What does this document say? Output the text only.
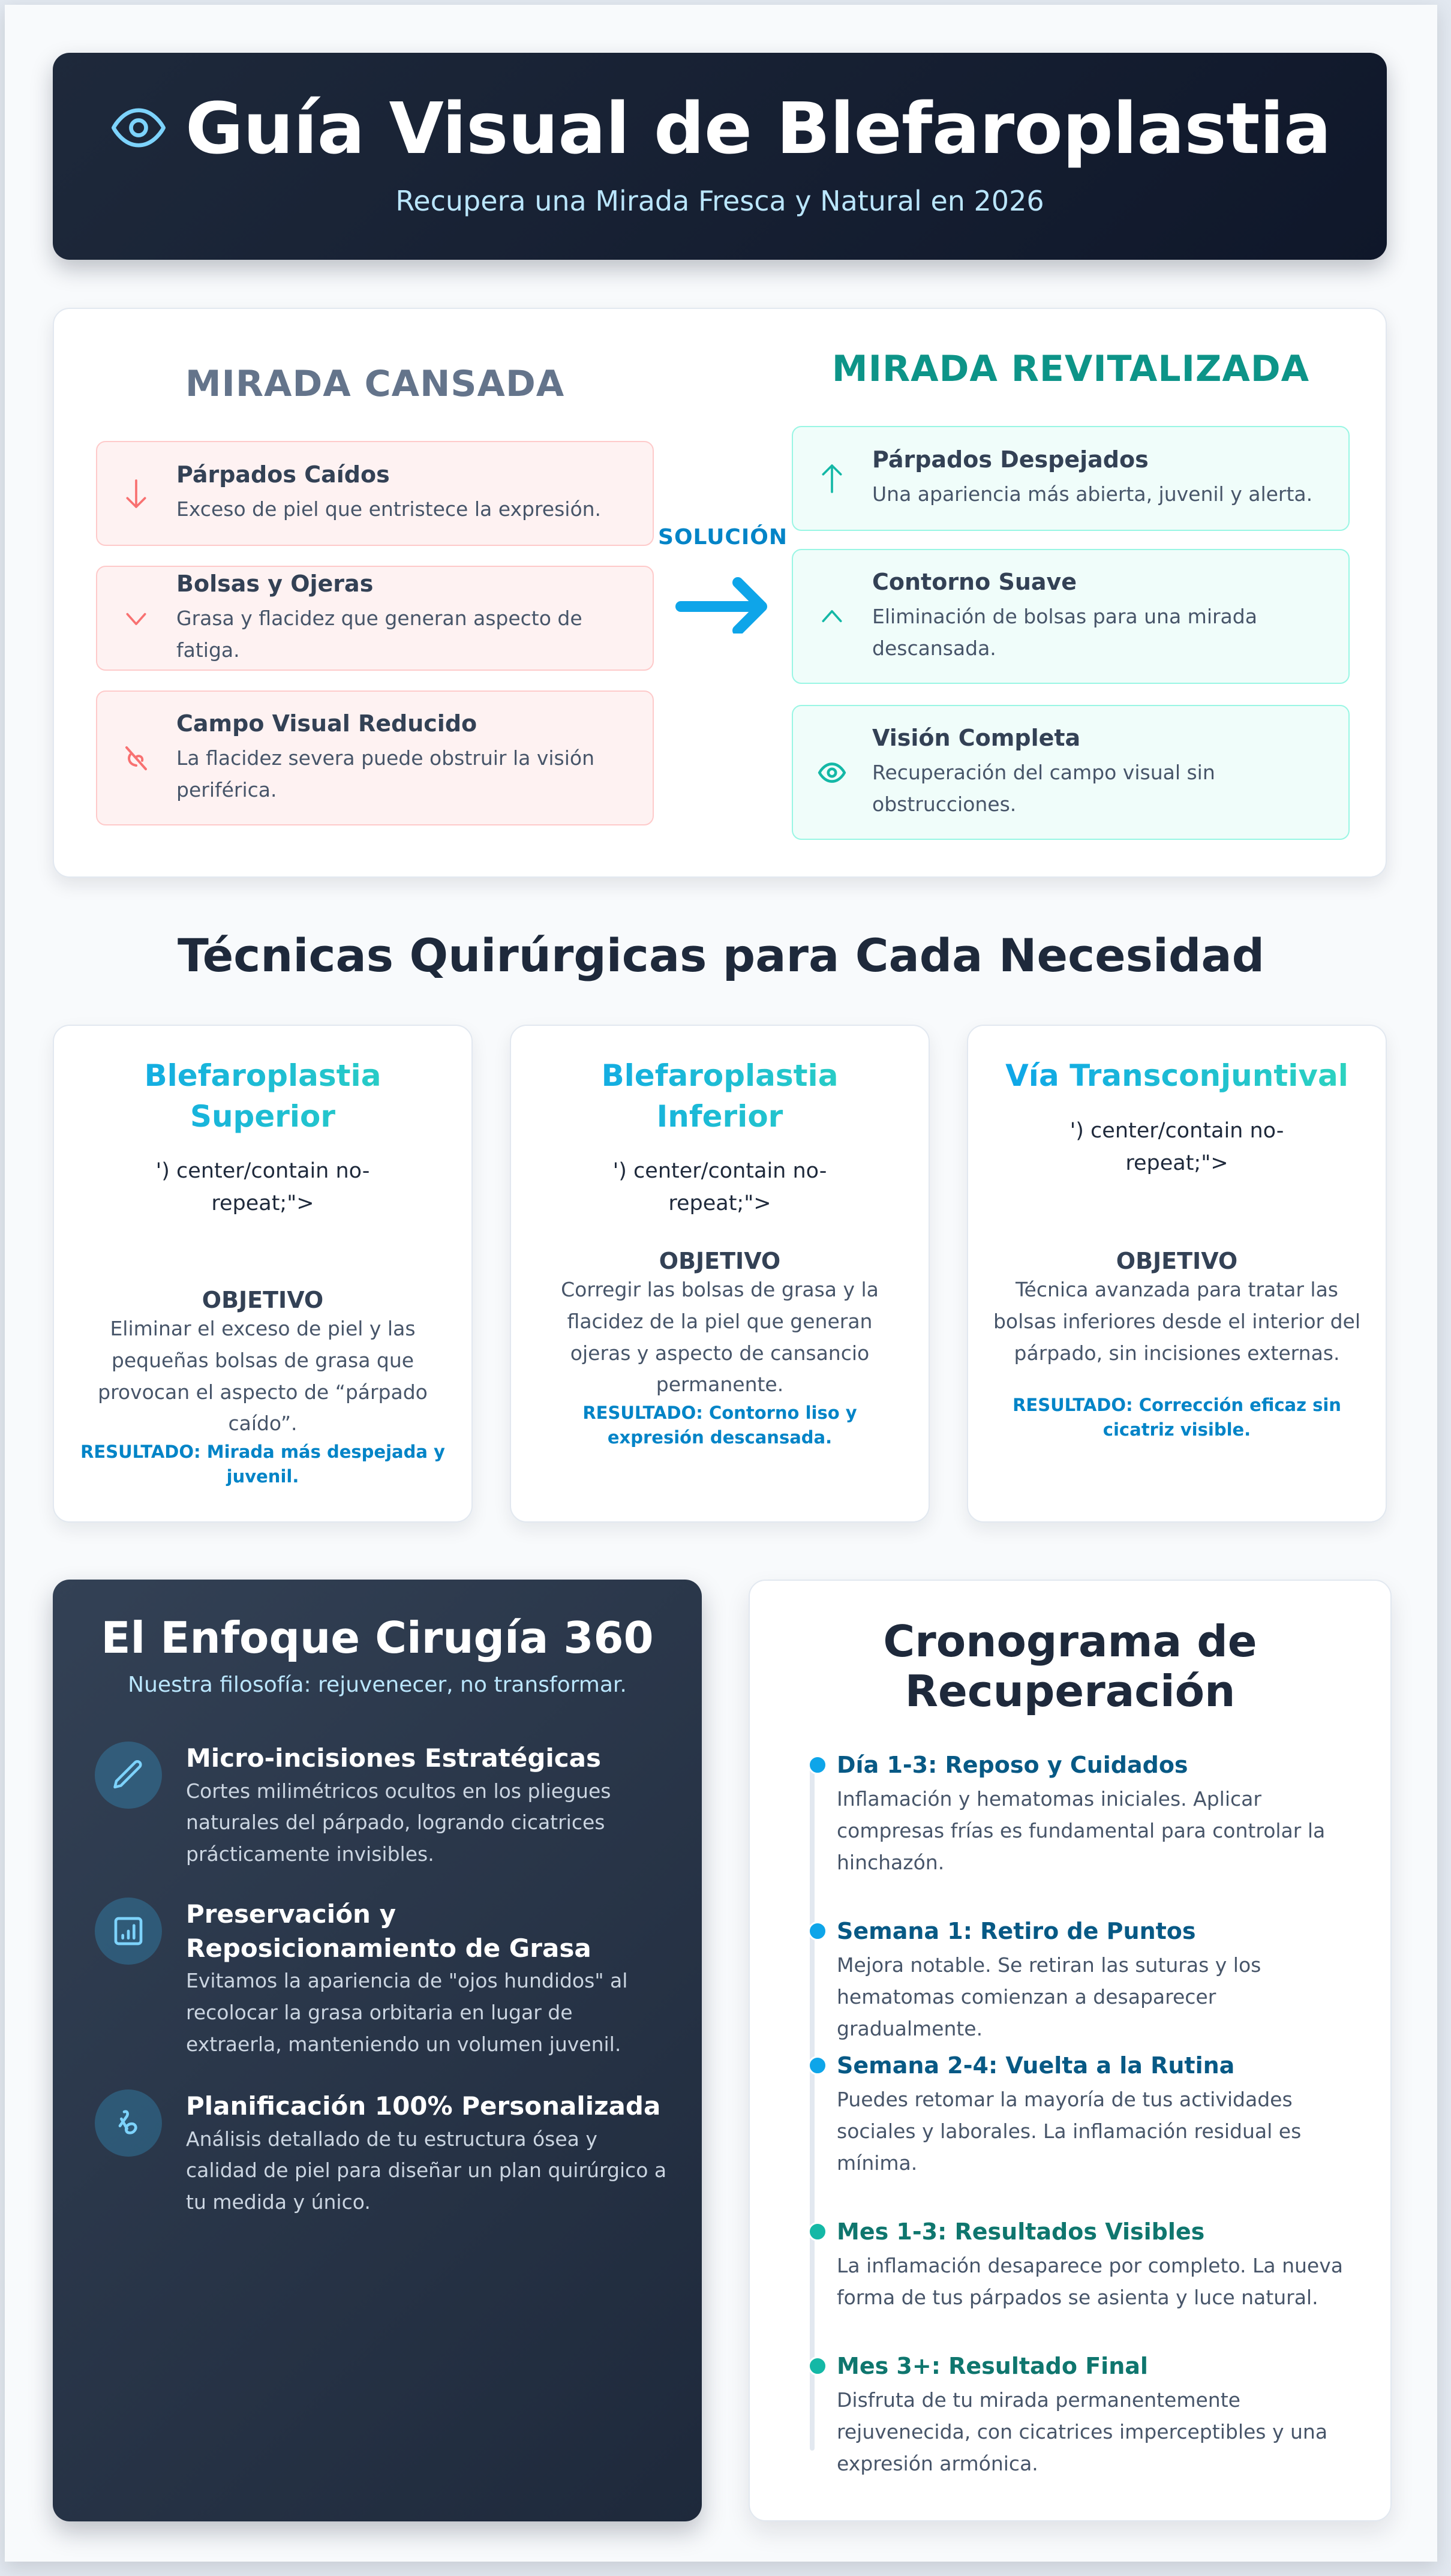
Guía Visual de Blefaroplastia
Recupera una Mirada Fresca y Natural en 2026
MIRADA CANSADA	MIRADA REVITALIZADA
Párpados Caídos
Exceso de piel que entristece la expresión.
Bolsas y Ojeras
Grasa y flacidez que generan aspecto de fatiga.
Campo Visual Reducido
La flacidez severa puede obstruir la visión periférica.
SOLUCIÓN
Párpados Despejados
Una apariencia más abierta, juvenil y alerta.
Contorno Suave
Eliminación de bolsas para una mirada descansada.
Visión Completa
Recuperación del campo visual sin obstrucciones.
Técnicas Quirúrgicas para Cada Necesidad
Blefaroplastia Superior
') center/contain no-repeat;">
OBJETIVO
Eliminar el exceso de piel y las pequeñas bolsas de grasa que provocan el aspecto de “párpado caído”.
RESULTADO: Mirada más despejada y juvenil.
Blefaroplastia Inferior
') center/contain no-repeat;">
OBJETIVO
Corregir las bolsas de grasa y la flacidez de la piel que generan ojeras y aspecto de cansancio permanente.
RESULTADO: Contorno liso y expresión descansada.
Vía Transconjuntival
') center/contain no-repeat;">
OBJETIVO
Técnica avanzada para tratar las bolsas inferiores desde el interior del párpado, sin incisiones externas.
RESULTADO: Corrección eficaz sin cicatriz visible.
El Enfoque Cirugía 360
Nuestra filosofía: rejuvenecer, no transformar.
Micro-incisiones Estratégicas
Cortes milimétricos ocultos en los pliegues naturales del párpado, logrando cicatrices prácticamente invisibles.
Preservación y Reposicionamiento de Grasa
Evitamos la apariencia de "ojos hundidos" al recolocar la grasa orbitaria en lugar de extraerla, manteniendo un volumen juvenil.
Planificación 100% Personalizada
Análisis detallado de tu estructura ósea y calidad de piel para diseñar un plan quirúrgico a tu medida y único.
Cronograma de Recuperación
Día 1-3: Reposo y Cuidados
Inflamación y hematomas iniciales. Aplicar compresas frías es fundamental para controlar la hinchazón.
Semana 1: Retiro de Puntos
Mejora notable. Se retiran las suturas y los hematomas comienzan a desaparecer gradualmente.
Semana 2-4: Vuelta a la Rutina
Puedes retomar la mayoría de tus actividades sociales y laborales. La inflamación residual es mínima.
Mes 1-3: Resultados Visibles
La inflamación desaparece por completo. La nueva forma de tus párpados se asienta y luce natural.
Mes 3+: Resultado Final
Disfruta de tu mirada permanentemente rejuvenecida, con cicatrices imperceptibles y una expresión armónica.
